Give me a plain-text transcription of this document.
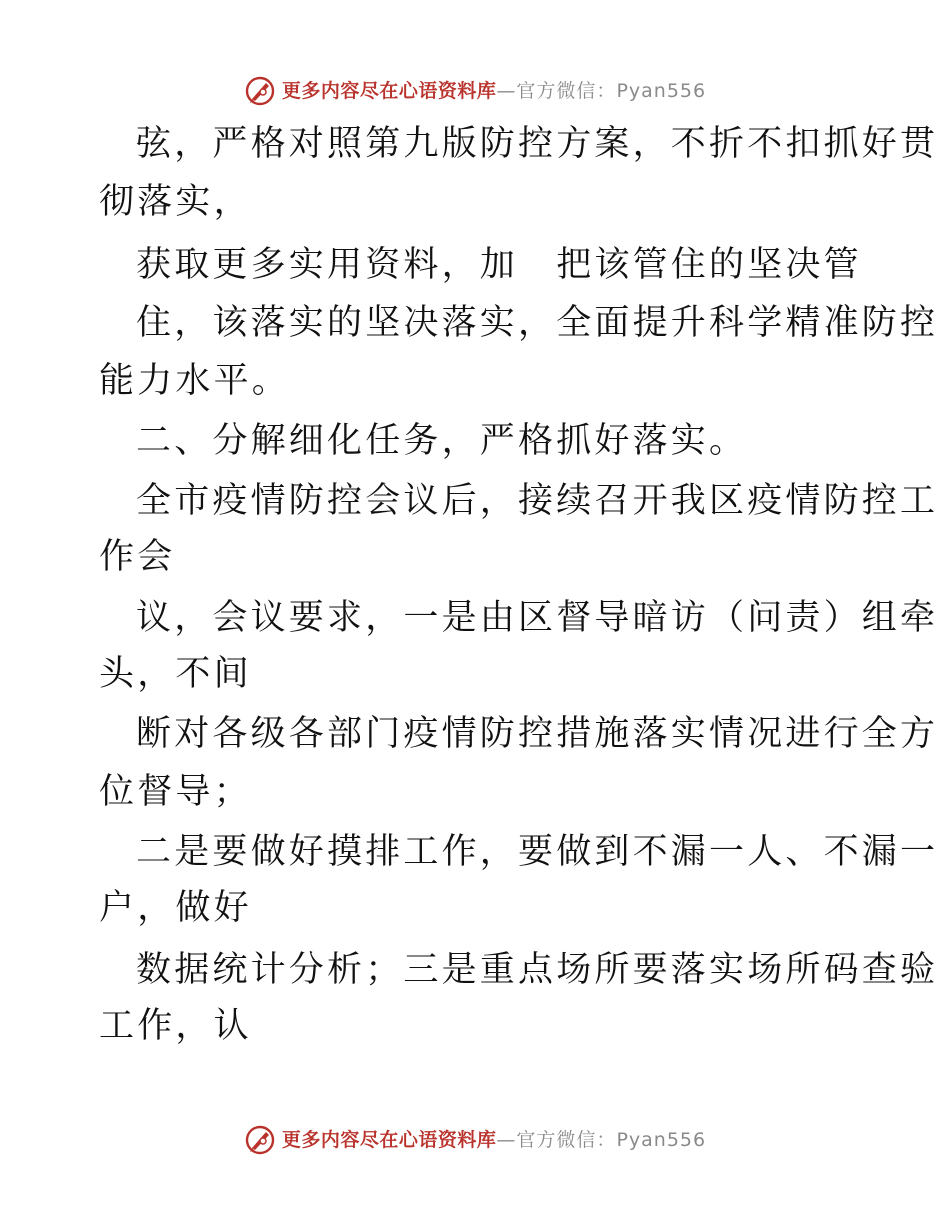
更多内容尽在心语资料库—官方微信：Pyan556
弦，严格对照第九版防控方案，不折不扣抓好贯
彻落实，
获取更多实用资料，加　把该管住的坚决管
住，该落实的坚决落实，全面提升科学精准防控
能力水平。
二、分解细化任务，严格抓好落实。
全市疫情防控会议后，接续召开我区疫情防控工
作会
议，会议要求，一是由区督导暗访（问责）组牵
头，不间
断对各级各部门疫情防控措施落实情况进行全方
位督导；
二是要做好摸排工作，要做到不漏一人、不漏一
户，做好
数据统计分析；三是重点场所要落实场所码查验
工作，认
更多内容尽在心语资料库—官方微信：Pyan556
